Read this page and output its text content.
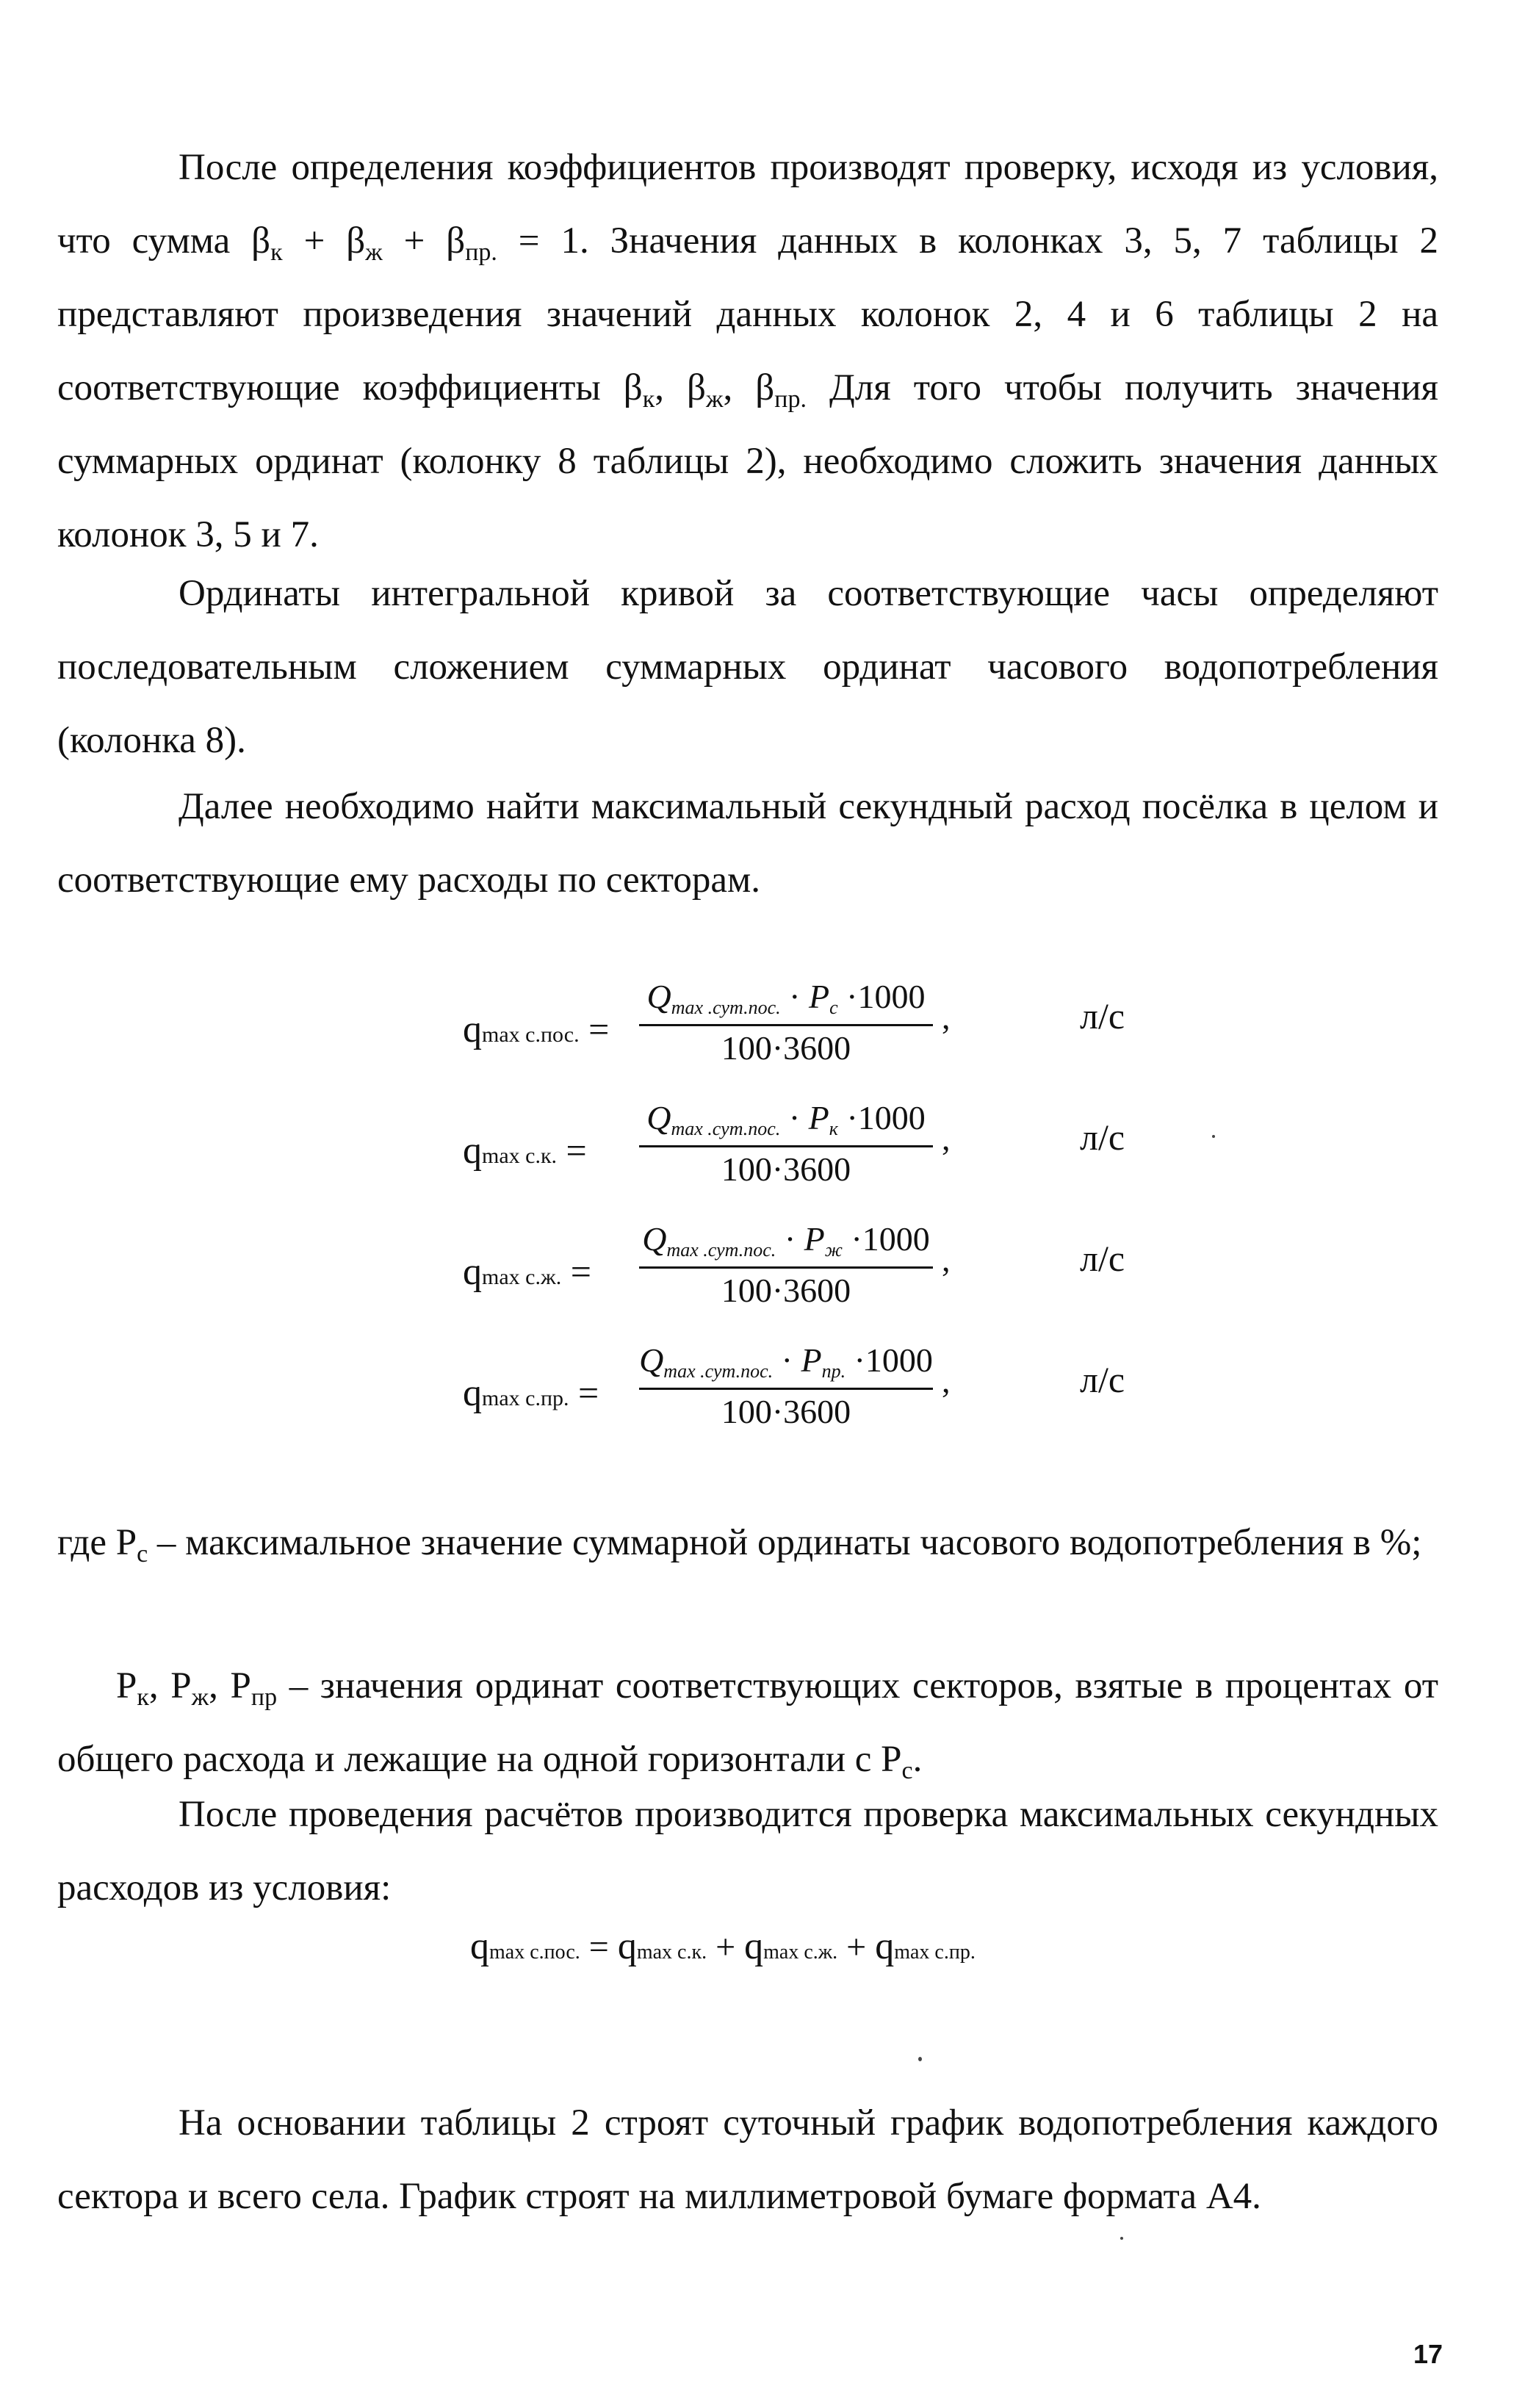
После определения коэффициентов производят проверку, исходя из условия, что сумма $\beta_к + \beta_ж + \beta_{пр.} = 1$. Значения данных в колонках 3, 5, 7 таблицы 2 представляют произведения значений данных колонок 2, 4 и 6 таблицы 2 на соответствующие коэффициенты $\beta_к$, $\beta_ж$, $\beta_{пр.}$ Для того чтобы получить значения суммарных ординат (колонку 8 таблицы 2), необходимо сложить значения данных колонок 3, 5 и 7.

Ординаты интегральной кривой за соответствующие часы определяют последовательным сложением суммарных ординат часового водопотребления (колонка 8).

Далее необходимо найти максимальный секундный расход посёлка в целом и соответствующие ему расходы по секторам.

qmax с.пос. =
Qmax .сут.пос. · Pc ·1000
100·3600
,	л/с
qmax с.к. =
Qmax .сут.пос. · Pк ·1000
100·3600
,	л/с
qmax с.ж. =
Qmax .сут.пос. · Pж ·1000
100·3600
,	л/с
qmax с.пр. =
Qmax .сут.пос. · Pпр. ·1000
100·3600
,	л/с

где $P_c$ – максимальное значение суммарной ординаты часового водопотребления в %;

$P_к$, $P_ж$, $P_{пр}$ – значения ординат соответствующих секторов, взятые в процентах от общего расхода и лежащие на одной горизонтали с $P_c$.

После проведения расчётов производится проверка максимальных секундных расходов из условия:

qmax с.пос. = qmax с.к. + qmax с.ж. + qmax с.пр.

На основании таблицы 2 строят суточный график водопотребления каждого сектора и всего села. График строят на миллиметровой бумаге формата А4.

17
